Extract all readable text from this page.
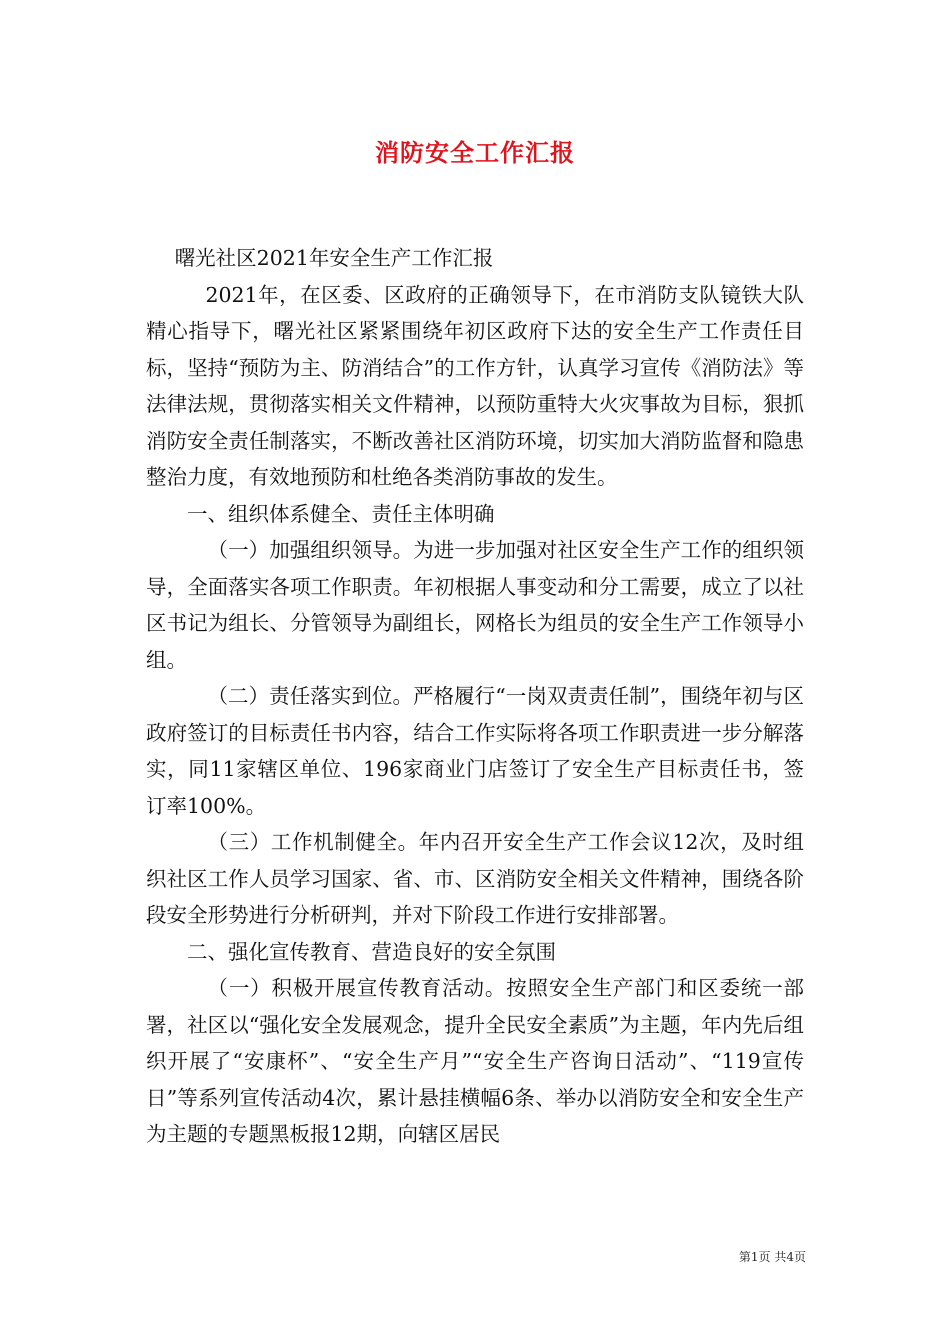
消防安全工作汇报

曙光社区2021年安全生产工作汇报

2021年，在区委、区政府的正确领导下，在市消防支队镜铁大队精心指导下，曙光社区紧紧围绕年初区政府下达的安全生产工作责任目标，坚持“预防为主、防消结合”的工作方针，认真学习宣传《消防法》等法律法规，贯彻落实相关文件精神，以预防重特大火灾事故为目标，狠抓消防安全责任制落实，不断改善社区消防环境，切实加大消防监督和隐患整治力度，有效地预防和杜绝各类消防事故的发生。

一、组织体系健全、责任主体明确

（一）加强组织领导。为进一步加强对社区安全生产工作的组织领导，全面落实各项工作职责。年初根据人事变动和分工需要，成立了以社区书记为组长、分管领导为副组长，网格长为组员的安全生产工作领导小组。

（二）责任落实到位。严格履行“一岗双责责任制”，围绕年初与区政府签订的目标责任书内容，结合工作实际将各项工作职责进一步分解落实，同11家辖区单位、196家商业门店签订了安全生产目标责任书，签订率100%。

（三）工作机制健全。年内召开安全生产工作会议12次，及时组织社区工作人员学习国家、省、市、区消防安全相关文件精神，围绕各阶段安全形势进行分析研判，并对下阶段工作进行安排部署。

二、强化宣传教育、营造良好的安全氛围

（一）积极开展宣传教育活动。按照安全生产部门和区委统一部署，社区以“强化安全发展观念，提升全民安全素质”为主题，年内先后组织开展了“安康杯”、“安全生产月”“安全生产咨询日活动”、“119宣传日”等系列宣传活动4次，累计悬挂横幅6条、举办以消防安全和安全生产为主题的专题黑板报12期，向辖区居民

第1页 共4页
